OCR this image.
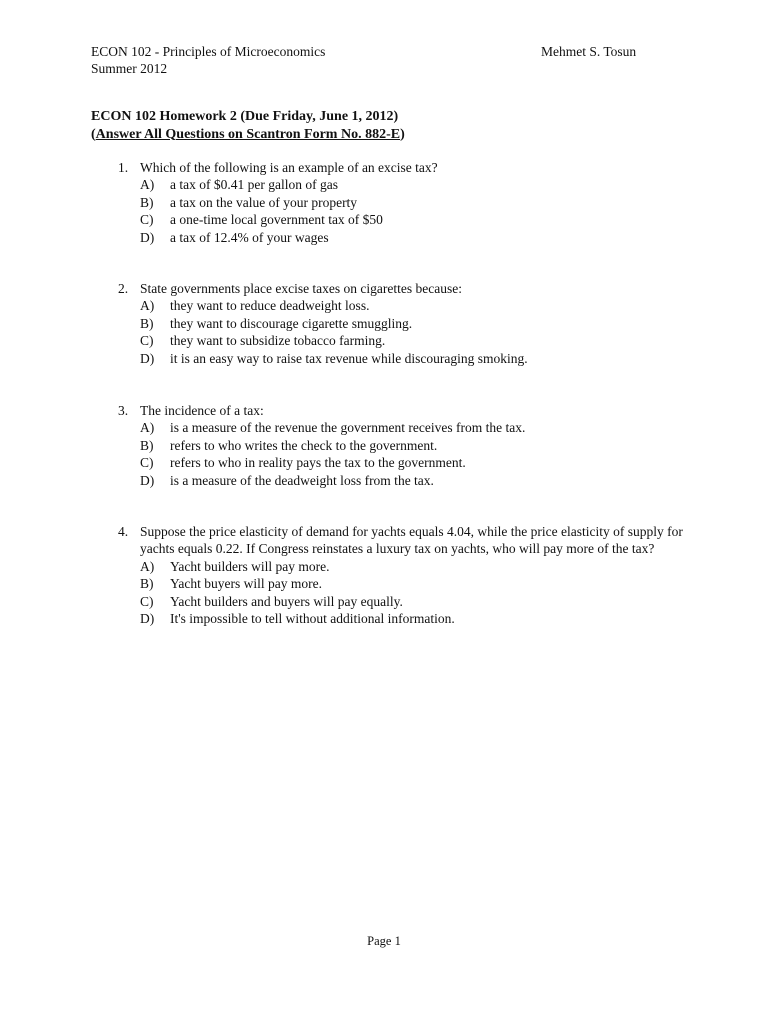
ECON 102 - Principles of Microeconomics
Summer 2012
Mehmet S. Tosun
ECON 102 Homework 2 (Due Friday, June 1, 2012)
(Answer All Questions on Scantron Form No. 882-E)
1. Which of the following is an example of an excise tax?
A)	a tax of $0.41 per gallon of gas
B)	a tax on the value of your property
C)	a one-time local government tax of $50
D)	a tax of 12.4% of your wages
2. State governments place excise taxes on cigarettes because:
A)	they want to reduce deadweight loss.
B)	they want to discourage cigarette smuggling.
C)	they want to subsidize tobacco farming.
D)	it is an easy way to raise tax revenue while discouraging smoking.
3. The incidence of a tax:
A)	is a measure of the revenue the government receives from the tax.
B)	refers to who writes the check to the government.
C)	refers to who in reality pays the tax to the government.
D)	is a measure of the deadweight loss from the tax.
4. Suppose the price elasticity of demand for yachts equals 4.04, while the price elasticity of supply for yachts equals 0.22. If Congress reinstates a luxury tax on yachts, who will pay more of the tax?
A)	Yacht builders will pay more.
B)	Yacht buyers will pay more.
C)	Yacht builders and buyers will pay equally.
D)	It's impossible to tell without additional information.
Page 1
